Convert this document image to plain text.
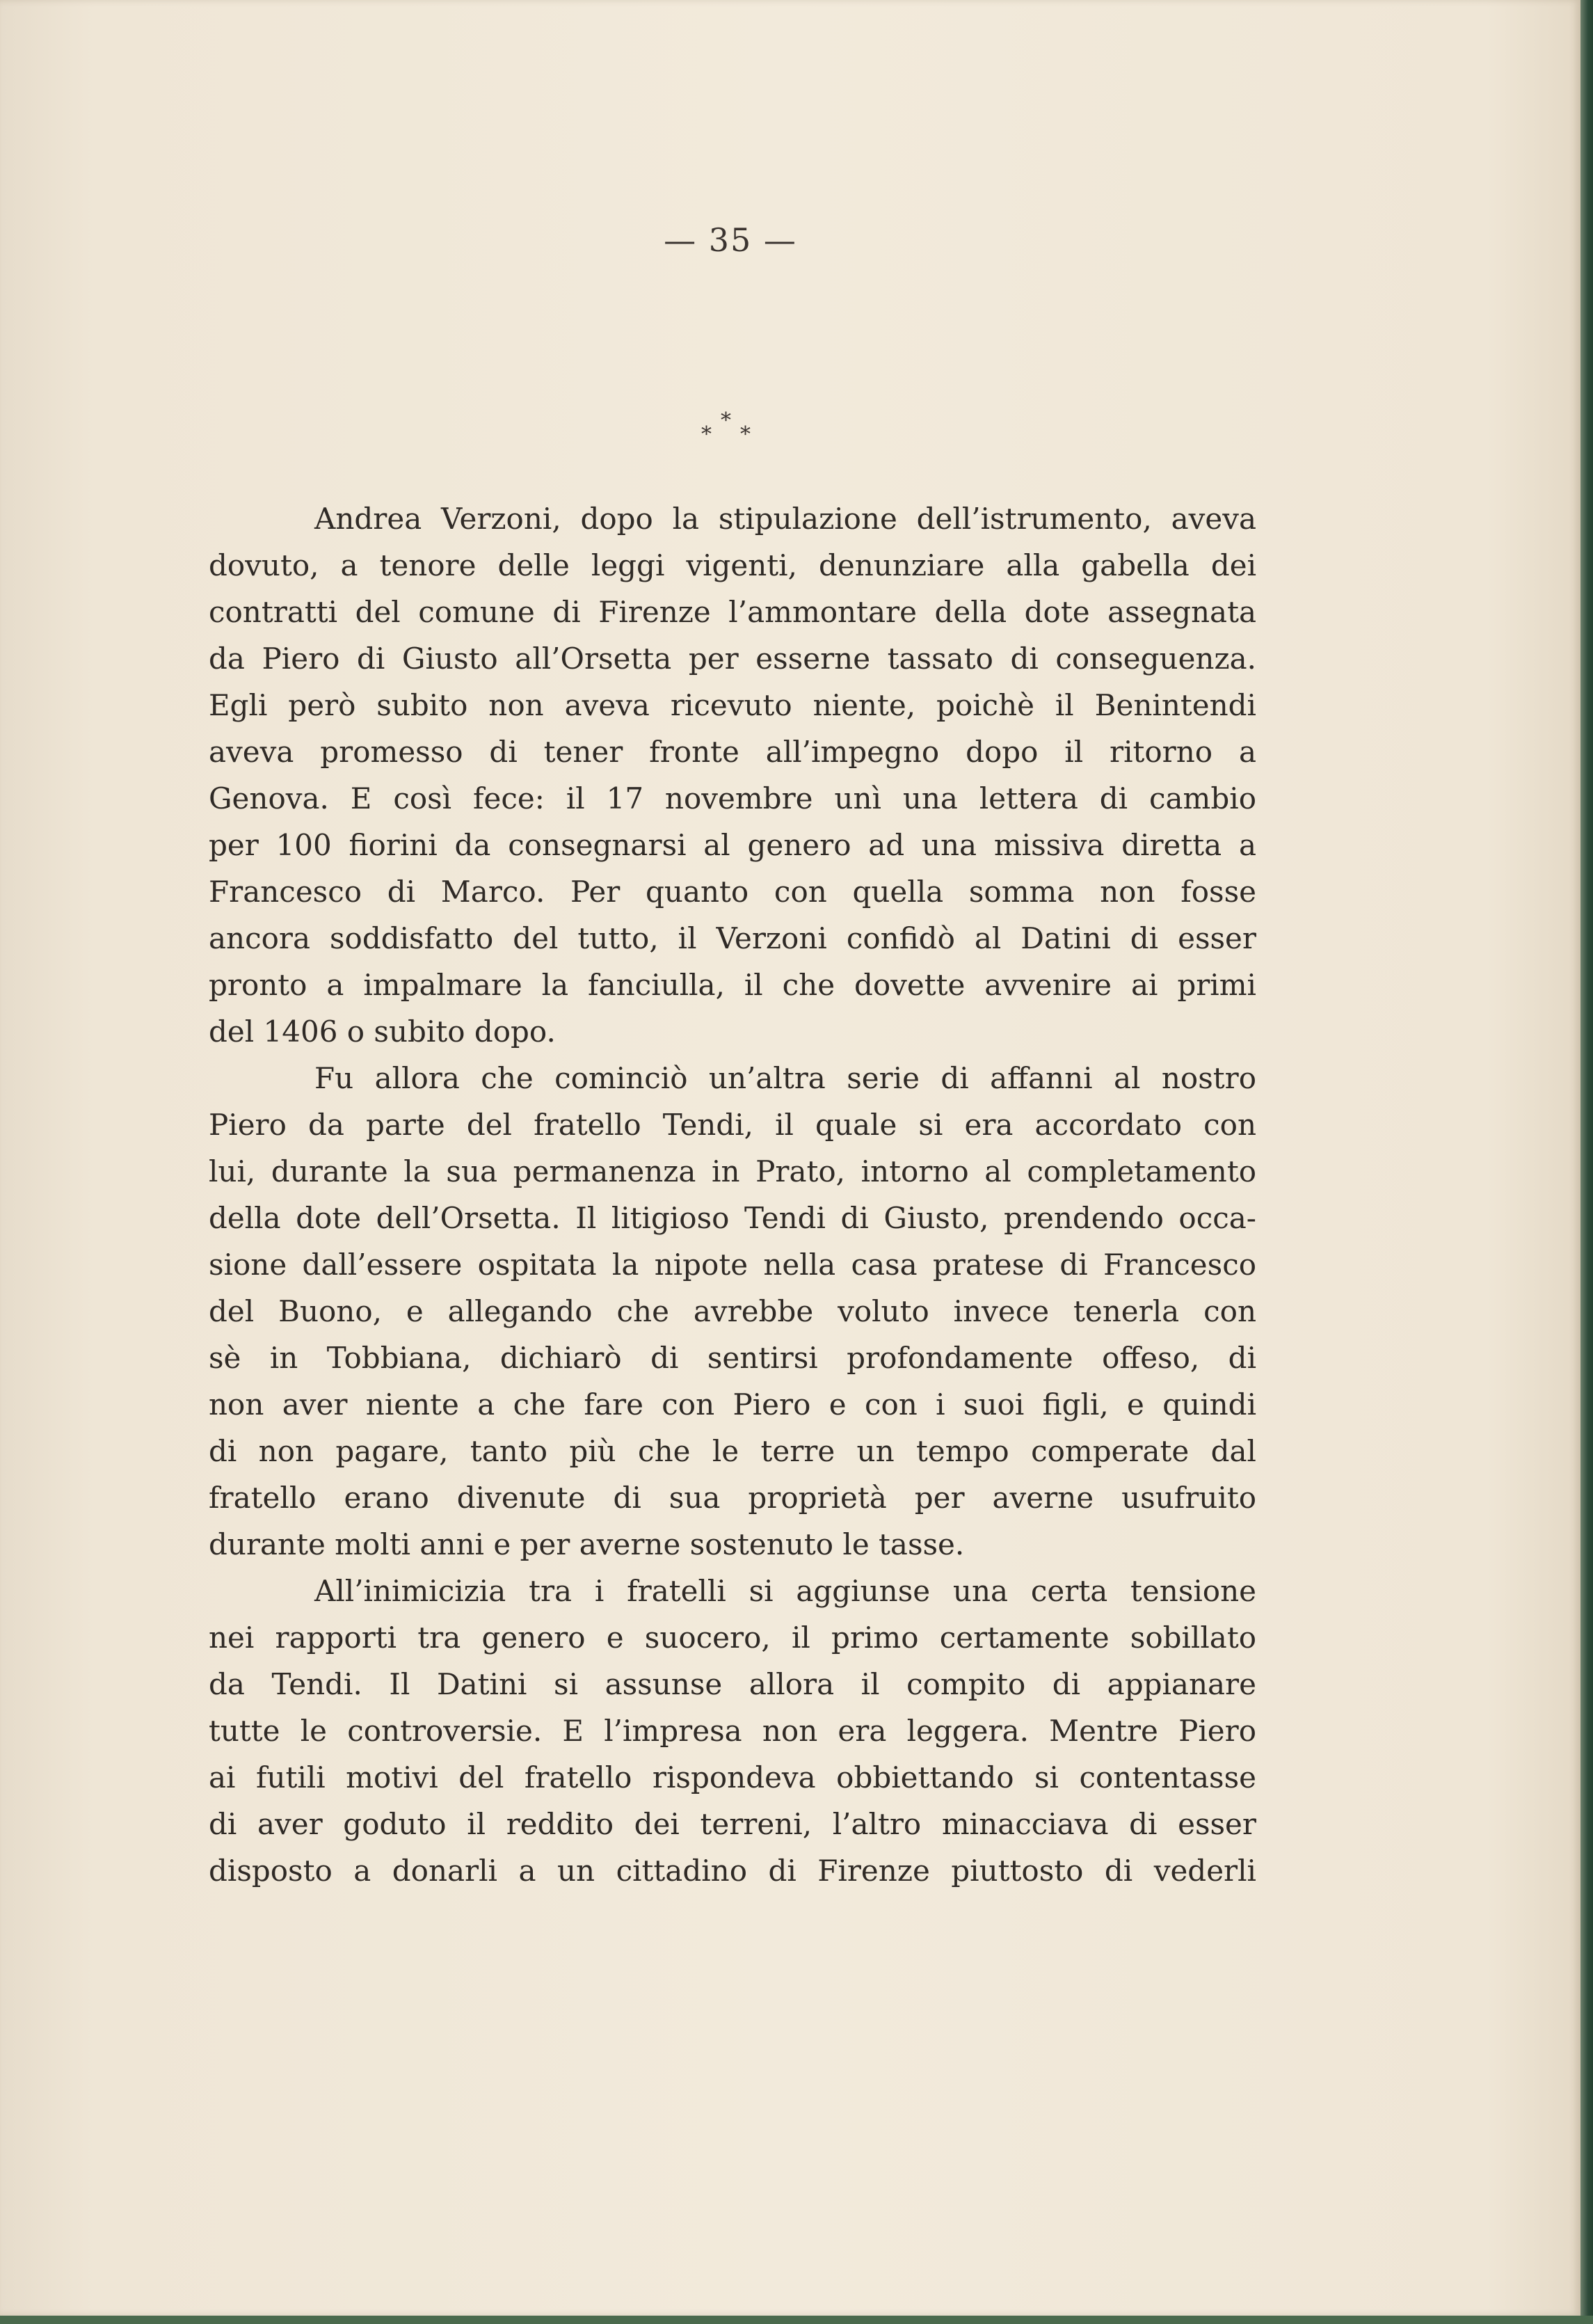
— 35 —
*
* *
Andrea Verzoni, dopo la stipulazione dell’istrumento, aveva
dovuto, a tenore delle leggi vigenti, denunziare alla gabella dei
contratti del comune di Firenze l’ammontare della dote assegnata
da Piero di Giusto all’Orsetta per esserne tassato di conseguenza.
Egli però subito non aveva ricevuto niente, poichè il Benintendi
aveva promesso di tener fronte all’impegno dopo il ritorno a
Genova. E così fece: il 17 novembre unì una lettera di cambio
per 100 fiorini da consegnarsi al genero ad una missiva diretta a
Francesco di Marco. Per quanto con quella somma non fosse
ancora soddisfatto del tutto, il Verzoni confidò al Datini di esser
pronto a impalmare la fanciulla, il che dovette avvenire ai primi
del 1406 o subito dopo.
Fu allora che cominciò un’altra serie di affanni al nostro
Piero da parte del fratello Tendi, il quale si era accordato con
lui, durante la sua permanenza in Prato, intorno al completamento
della dote dell’Orsetta. Il litigioso Tendi di Giusto, prendendo occa-
sione dall’essere ospitata la nipote nella casa pratese di Francesco
del Buono, e allegando che avrebbe voluto invece tenerla con
sè in Tobbiana, dichiarò di sentirsi profondamente offeso, di
non aver niente a che fare con Piero e con i suoi figli, e quindi
di non pagare, tanto più che le terre un tempo comperate dal
fratello erano divenute di sua proprietà per averne usufruito
durante molti anni e per averne sostenuto le tasse.
All’inimicizia tra i fratelli si aggiunse una certa tensione
nei rapporti tra genero e suocero, il primo certamente sobillato
da Tendi. Il Datini si assunse allora il compito di appianare
tutte le controversie. E l’impresa non era leggera. Mentre Piero
ai futili motivi del fratello rispondeva obbiettando si contentasse
di aver goduto il reddito dei terreni, l’altro minacciava di esser
disposto a donarli a un cittadino di Firenze piuttosto di vederli
